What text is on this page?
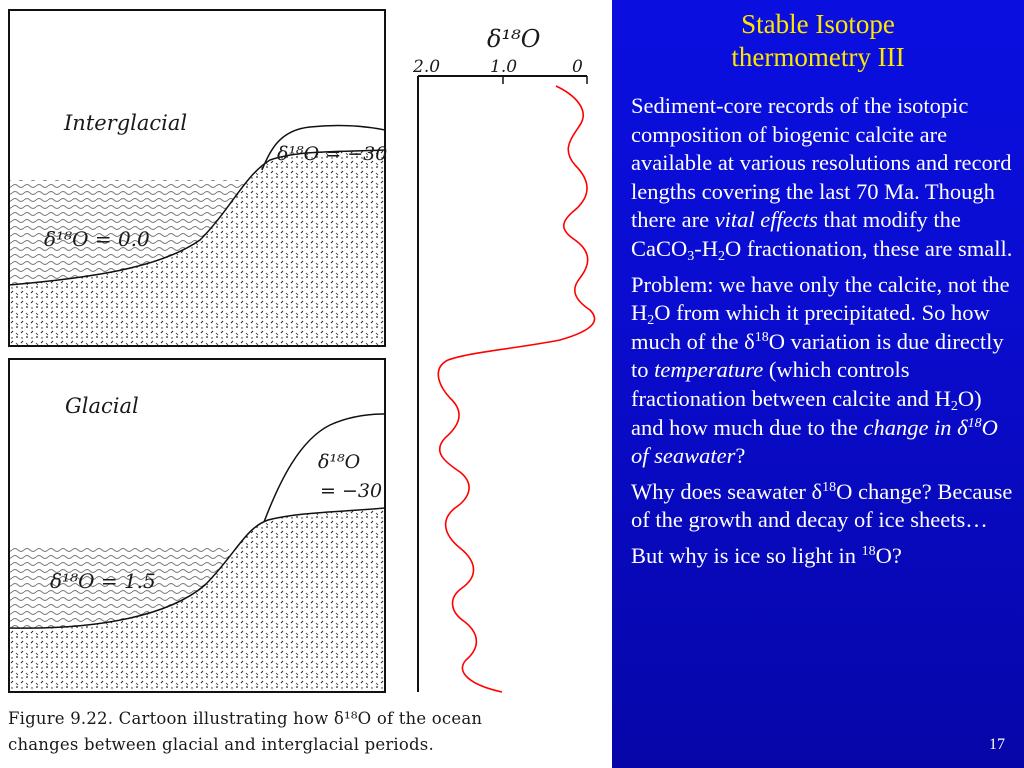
Interglacial
δ¹⁸O = −30
δ¹⁸O = 0.0
Glacial
δ¹⁸O
= −30
δ¹⁸O = 1.5
δ¹⁸O
2.0	1.0	0
Figure 9.22. Cartoon illustrating how δ¹⁸O of the ocean
changes between glacial and interglacial periods.
Stable Isotope
thermometry III

Sediment-core records of the isotopic composition of biogenic calcite are available at various resolutions and record lengths covering the last 70 Ma. Though there are vital effects that modify the $CaCO_3-H_2O$ fractionation, these are small.

Problem: we have only the calcite, not the $H_2O$ from which it precipitated. So how much of the $\delta^{18}O$ variation is due directly to temperature (which controls fractionation between calcite and $H_2O$) and how much due to the change in $\delta^{18}O$ of seawater?

Why does seawater $\delta^{18}O$ change? Because of the growth and decay of ice sheets…

But why is ice so light in $^{18}$O?

17
